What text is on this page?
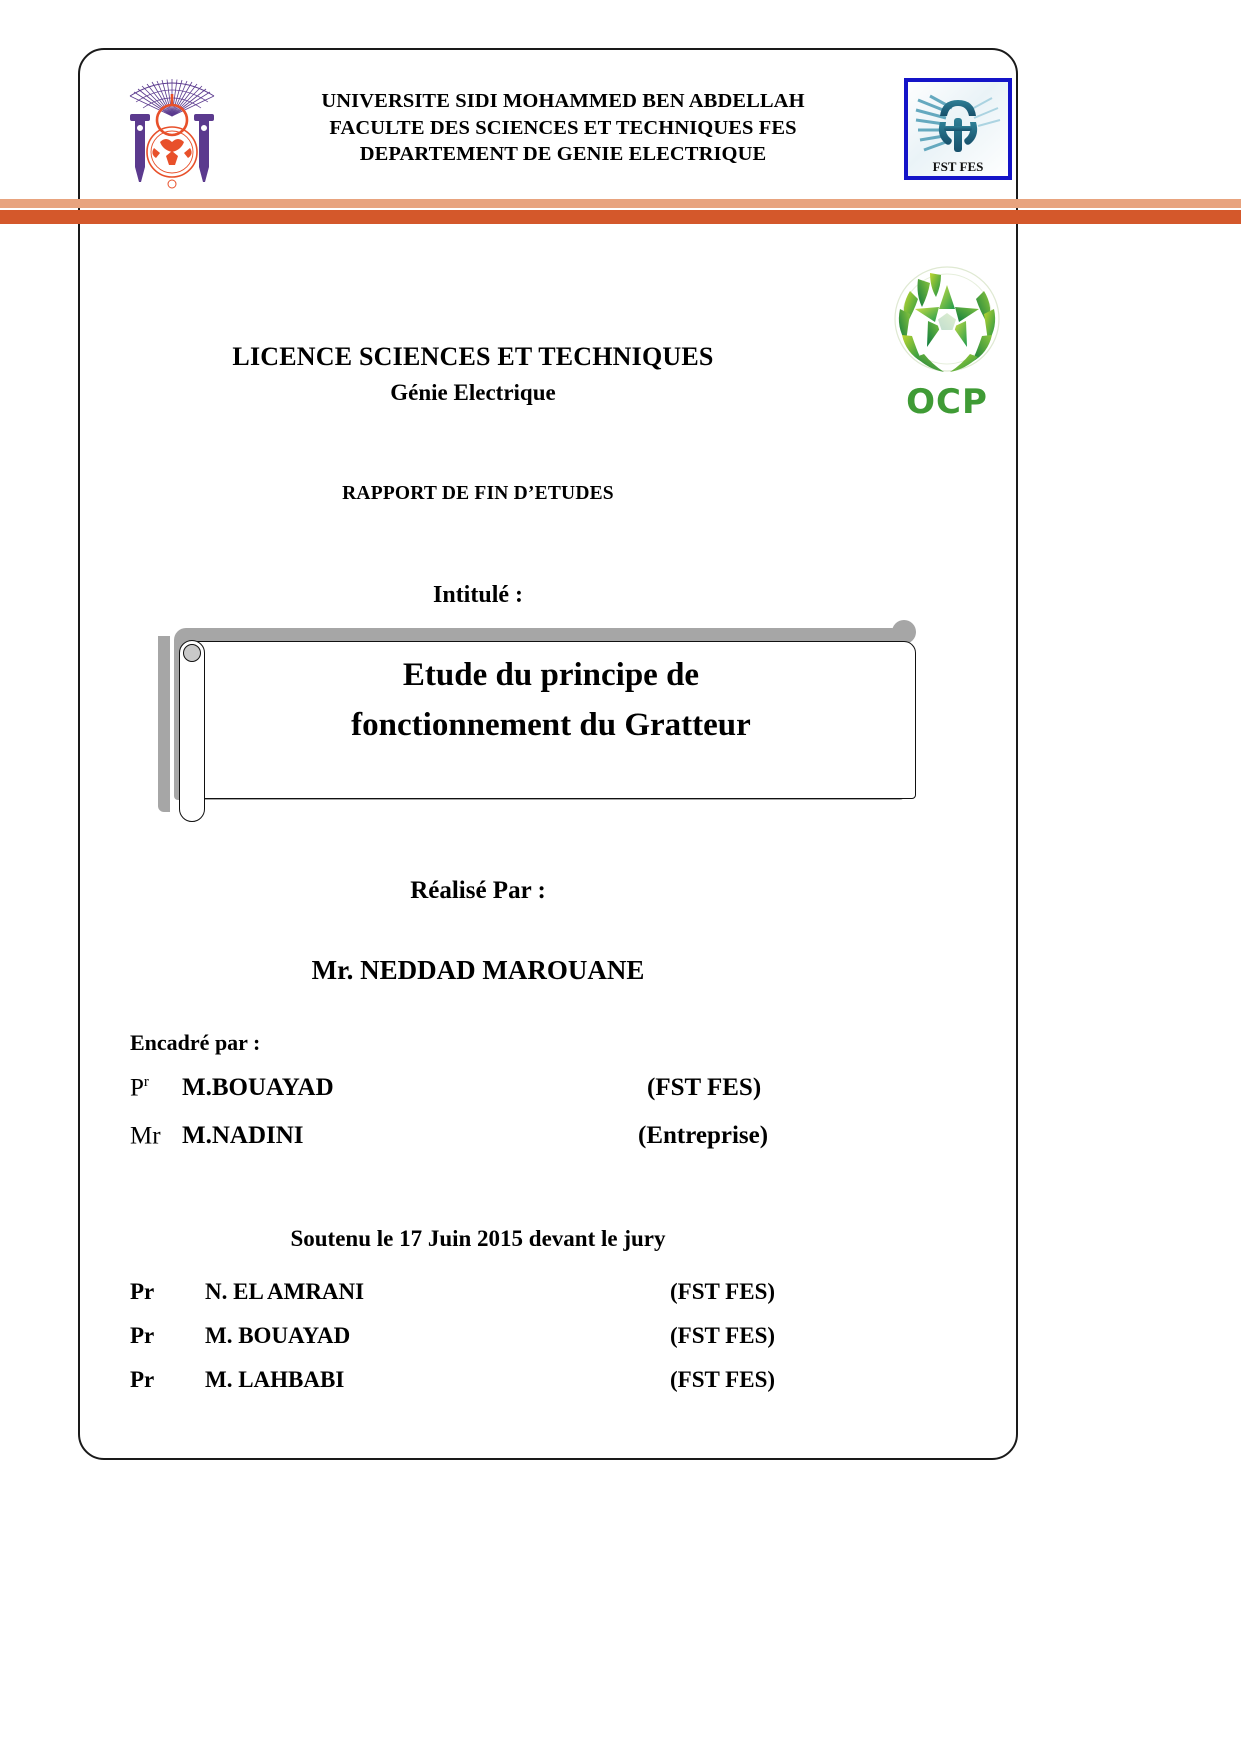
UNIVERSITE SIDI MOHAMMED BEN ABDELLAH
FACULTE DES SCIENCES ET TECHNIQUES FES
DEPARTEMENT DE GENIE ELECTRIQUE
FST FES
OCP
LICENCE SCIENCES ET TECHNIQUES
Génie Electrique
RAPPORT DE FIN D’ETUDES
Intitulé :
Etude du principe de
fonctionnement du Gratteur
Réalisé Par :
Mr. NEDDAD MAROUANE
Encadré par :
$P^r$	M.BOUAYAD	(FST FES)
Mr M.NADINI	(Entreprise)
Soutenu le 17 Juin 2015 devant le jury
Pr N. EL AMRANI	(FST FES)
Pr M. BOUAYAD	(FST FES)
Pr M. LAHBABI	(FST FES)
